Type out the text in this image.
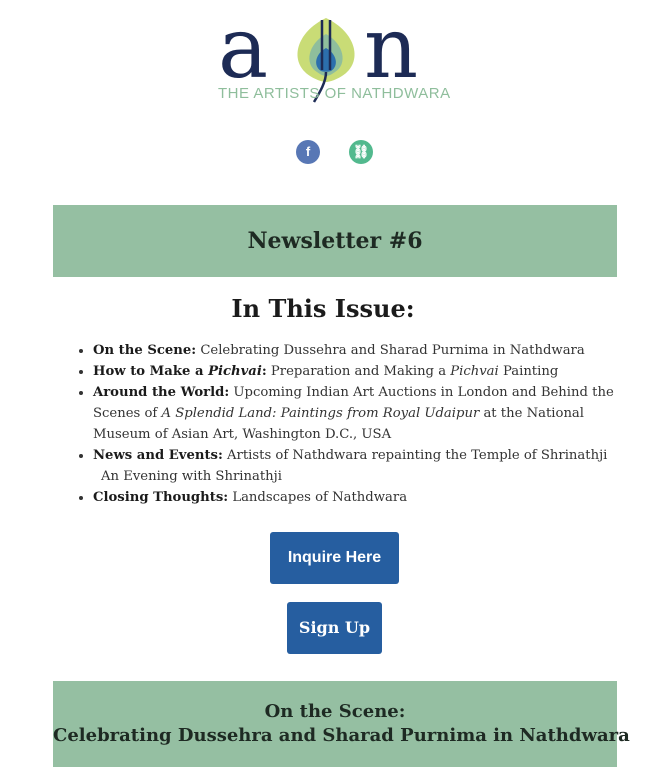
a n
THE ARTISTS OF NATHDWARA
f	⛓
Newsletter #6
In This Issue:
• On the Scene: Celebrating Dussehra and Sharad Purnima in Nathdwara
• How to Make a Pichvai: Preparation and Making a Pichvai Painting
• Around the World: Upcoming Indian Art Auctions in London and Behind the Scenes of A Splendid Land: Paintings from Royal Udaipur at the National Museum of Asian Art, Washington D.C., USA
• News and Events: Artists of Nathdwara repainting the Temple of Shrinathji
An Evening with Shrinathji
• Closing Thoughts: Landscapes of Nathdwara
Inquire Here
Sign Up
On the Scene:
Celebrating Dussehra and Sharad Purnima in Nathdwara
